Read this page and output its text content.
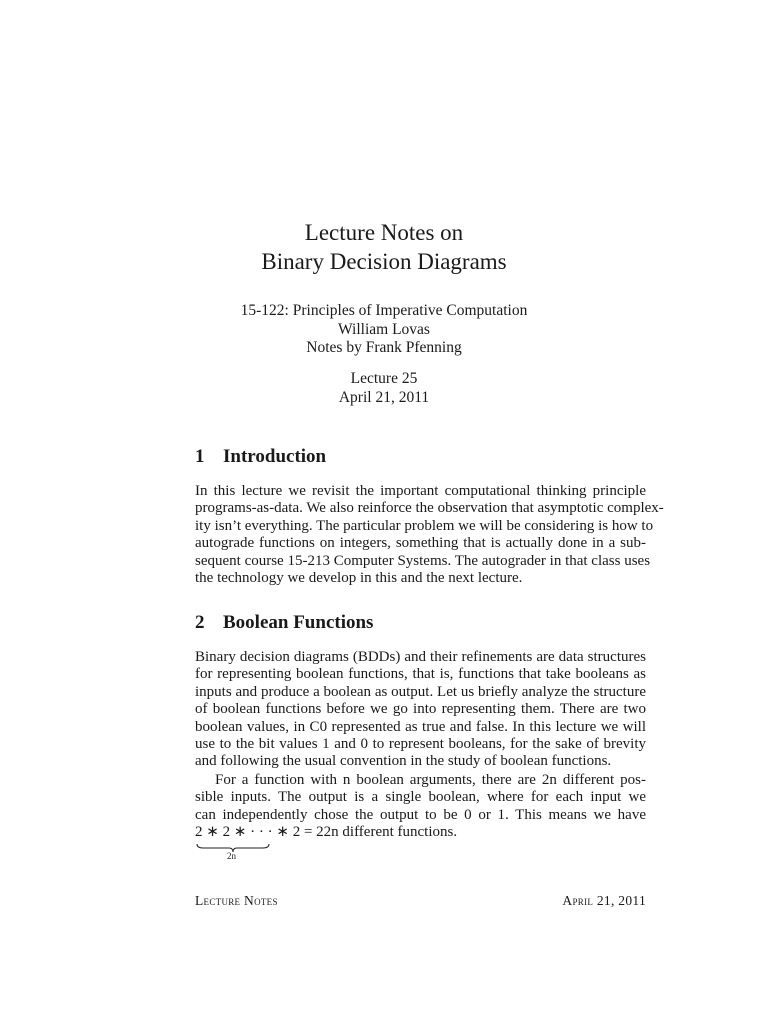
Lecture Notes on
Binary Decision Diagrams
15-122: Principles of Imperative Computation
William Lovas
Notes by Frank Pfenning
Lecture 25
April 21, 2011
1 Introduction
In this lecture we revisit the important computational thinking principle
programs-as-data. We also reinforce the observation that asymptotic complex-
ity isn’t everything. The particular problem we will be considering is how to
autograde functions on integers, something that is actually done in a sub-
sequent course 15-213 Computer Systems. The autograder in that class uses
the technology we develop in this and the next lecture.
2 Boolean Functions
Binary decision diagrams (BDDs) and their refinements are data structures
for representing boolean functions, that is, functions that take booleans as
inputs and produce a boolean as output. Let us briefly analyze the structure
of boolean functions before we go into representing them. There are two
boolean values, in C0 represented as true and false. In this lecture we will
use to the bit values 1 and 0 to represent booleans, for the sake of brevity
and following the usual convention in the study of boolean functions.
For a function with n boolean arguments, there are 2n different pos-
sible inputs. The output is a single boolean, where for each input we
can independently chose the output to be 0 or 1. This means we have
2 ∗ 2 ∗ · · · ∗ 2 = 22n different functions.
2n
Lecture Notes	April 21, 2011
